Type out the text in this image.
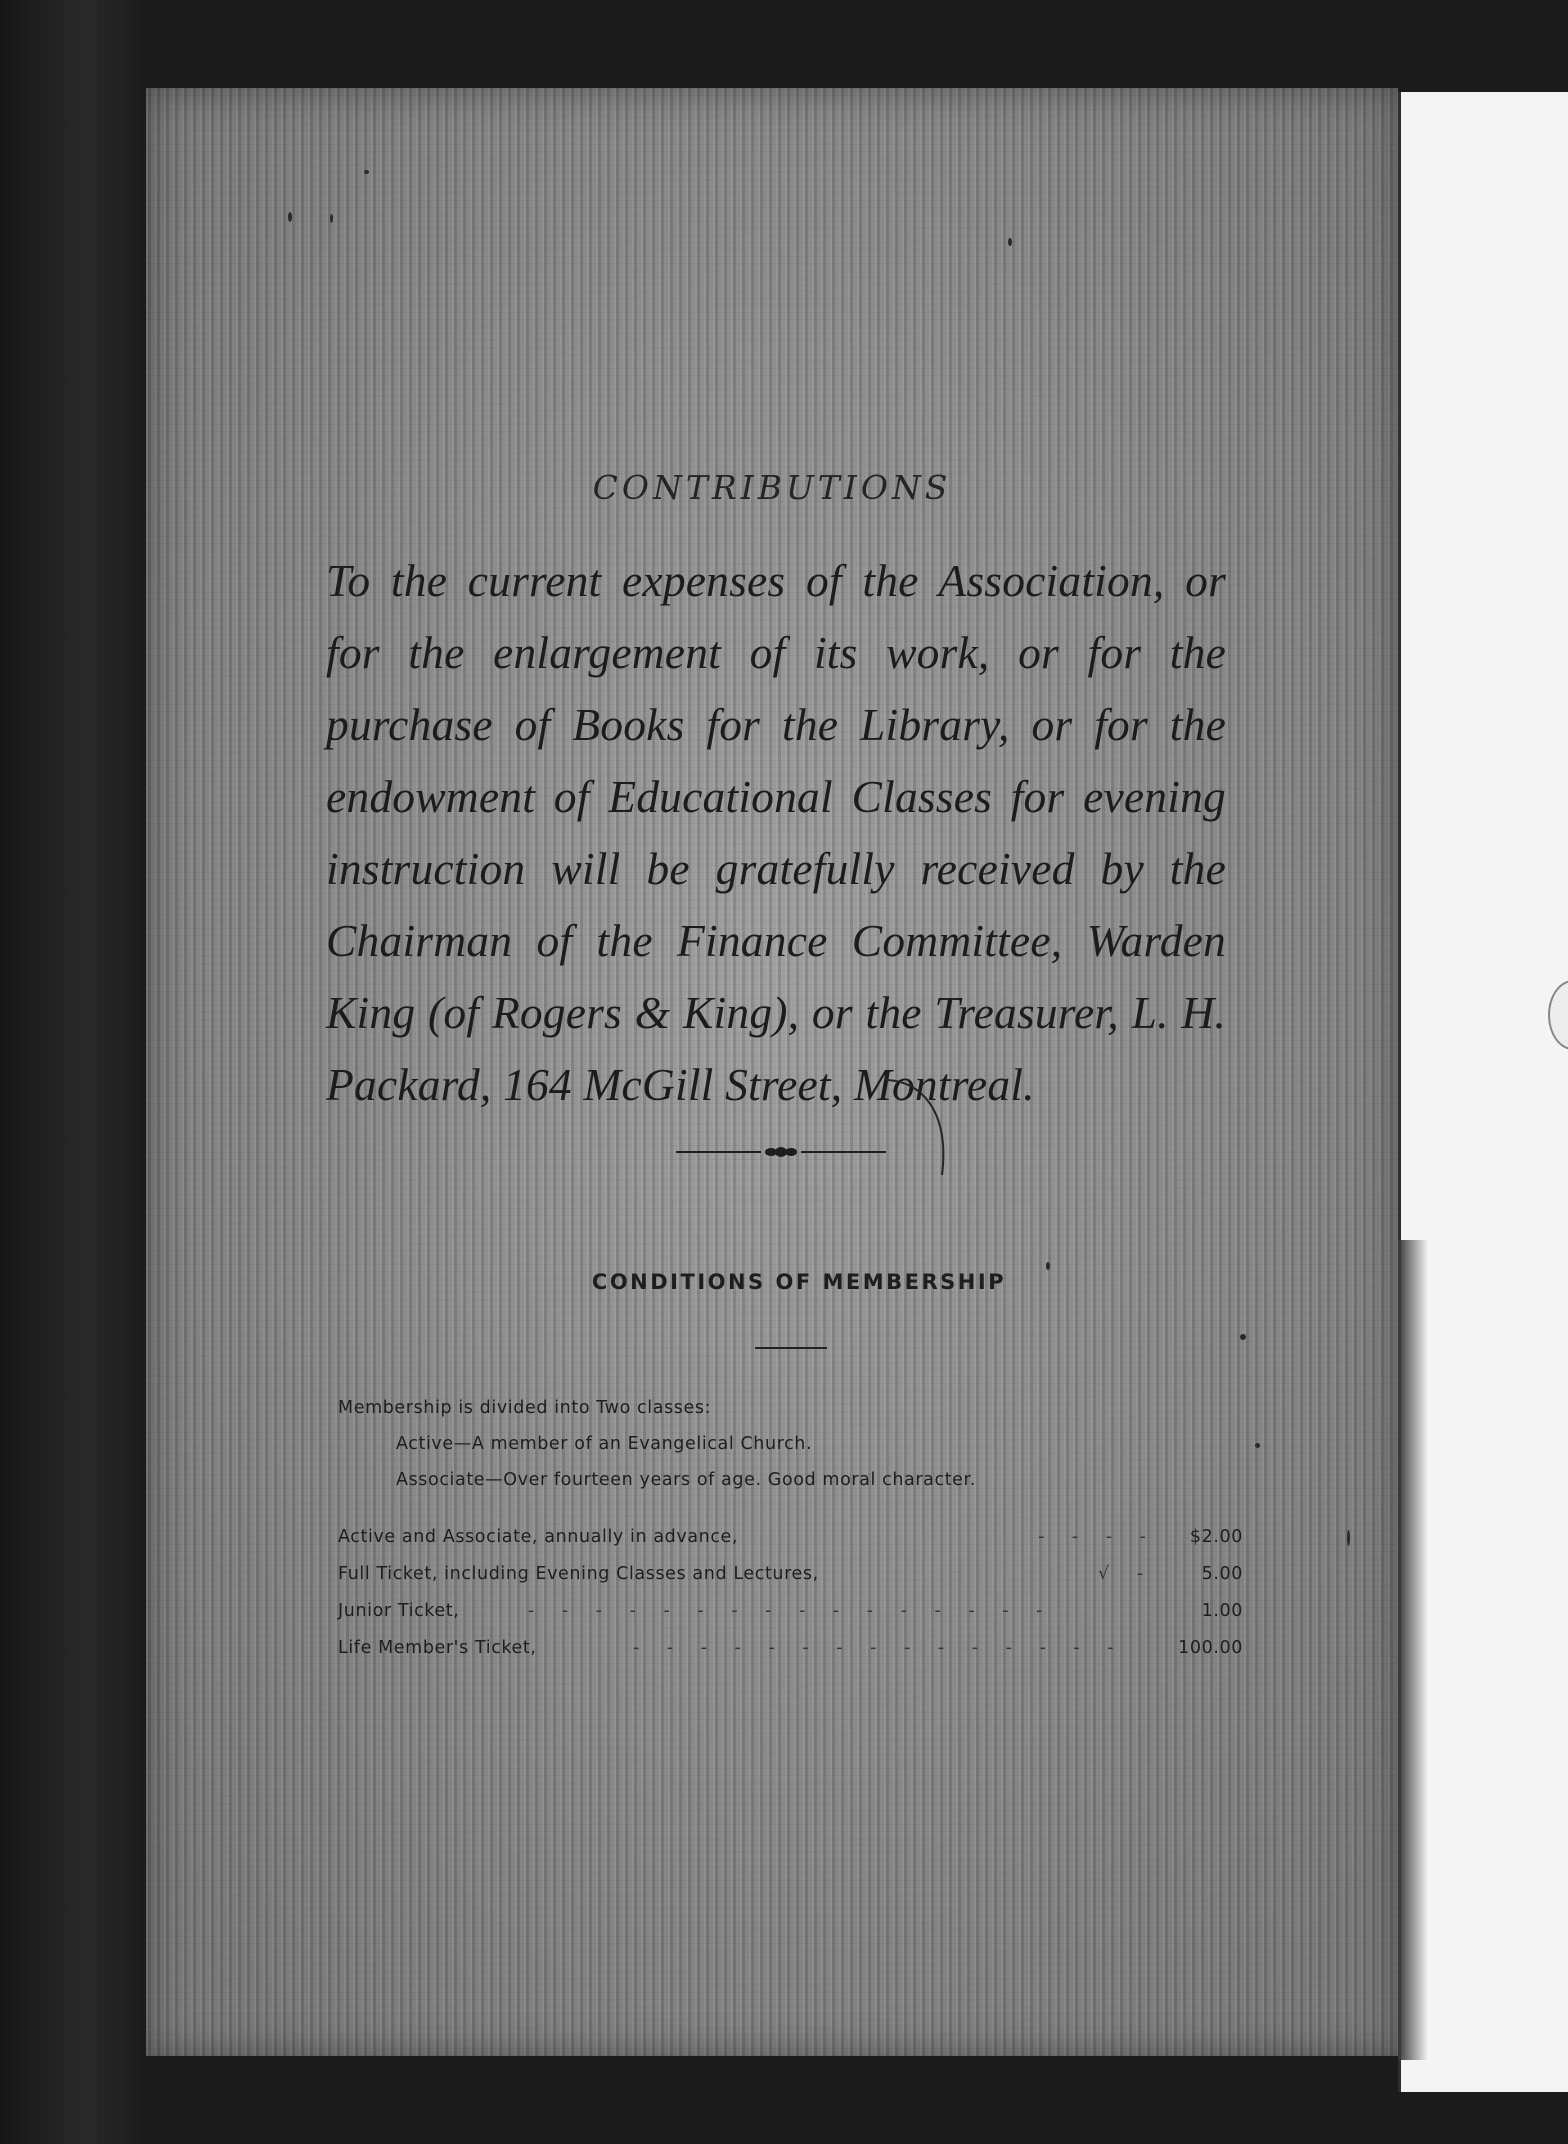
CONTRIBUTIONS
To the current expenses of the Association, or for the enlargement of its work, or for the purchase of Books for the Library, or for the endowment of Educational Classes for evening instruction will be gratefully received by the Chairman of the Finance Committee, Warden King (of Rogers & King), or the Treasurer, L. H. Packard, 164 McGill Street, Montreal.
CONDITIONS OF MEMBERSHIP
Membership is divided into Two classes:
Active—A member of an Evangelical Church.
Associate—Over fourteen years of age. Good moral character.
Active and Associate, annually in advance,	- - - - $2.00
Full Ticket, including Evening Classes and Lectures,	√ -	5.00
Junior Ticket,	- - - - - - - - - - - - - - - -	1.00
Life Member's Ticket,	- - - - - - - - - - - - - - -	100.00
